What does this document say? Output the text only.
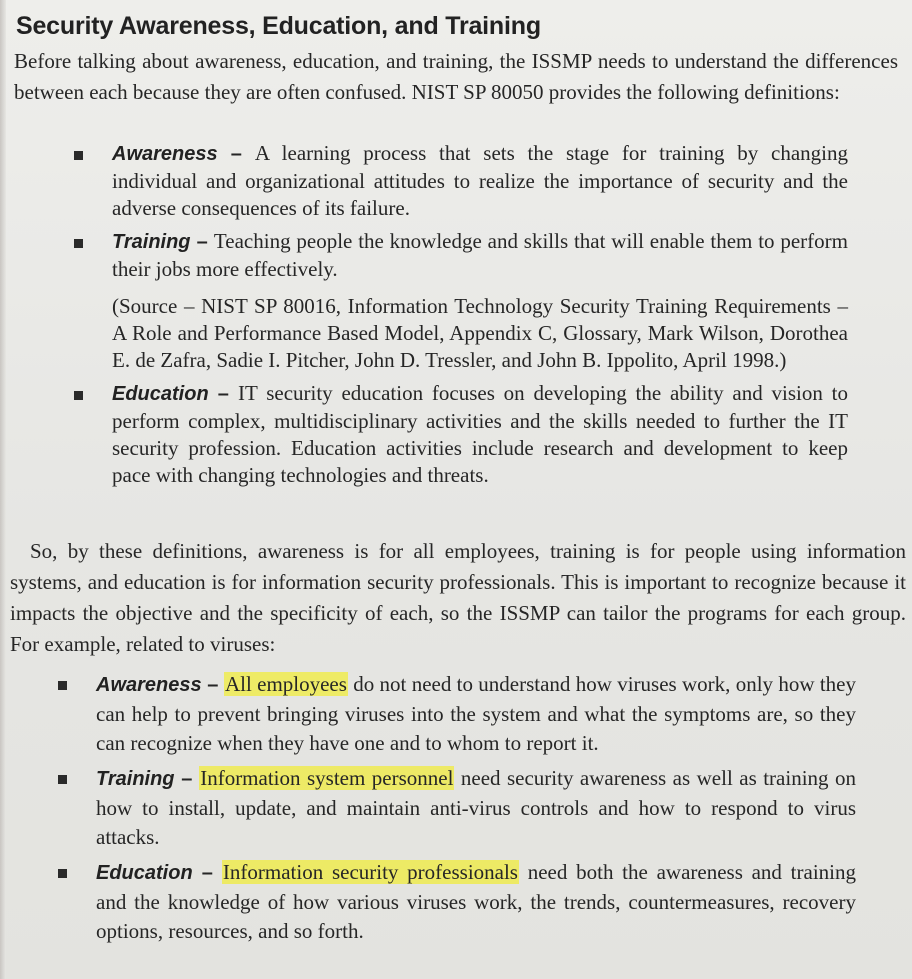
Security Awareness, Education, and Training

Before talking about awareness, education, and training, the ISSMP needs to understand the differences between each because they are often confused. NIST SP 80050 provides the following definitions:

Awareness – A learning process that sets the stage for training by changing individual and organizational attitudes to realize the importance of security and the adverse consequences of its failure.

Training – Teaching people the knowledge and skills that will enable them to perform their jobs more effectively.

(Source – NIST SP 80016, Information Technology Security Training Requirements – A Role and Performance Based Model, Appendix C, Glossary, Mark Wilson, Dorothea E. de Zafra, Sadie I. Pitcher, John D. Tressler, and John B. Ippolito, April 1998.)

Education – IT security education focuses on developing the ability and vision to perform complex, multidisciplinary activities and the skills needed to further the IT security profession. Education activities include research and development to keep pace with changing technologies and threats.

So, by these definitions, awareness is for all employees, training is for people using information systems, and education is for information security professionals. This is important to recognize because it impacts the objective and the specificity of each, so the ISSMP can tailor the programs for each group. For example, related to viruses:

Awareness – All employees do not need to understand how viruses work, only how they can help to prevent bringing viruses into the system and what the symptoms are, so they can recognize when they have one and to whom to report it.

Training – Information system personnel need security awareness as well as training on how to install, update, and maintain anti-virus controls and how to respond to virus attacks.

Education – Information security professionals need both the awareness and training and the knowledge of how various viruses work, the trends, countermeasures, recovery options, resources, and so forth.
